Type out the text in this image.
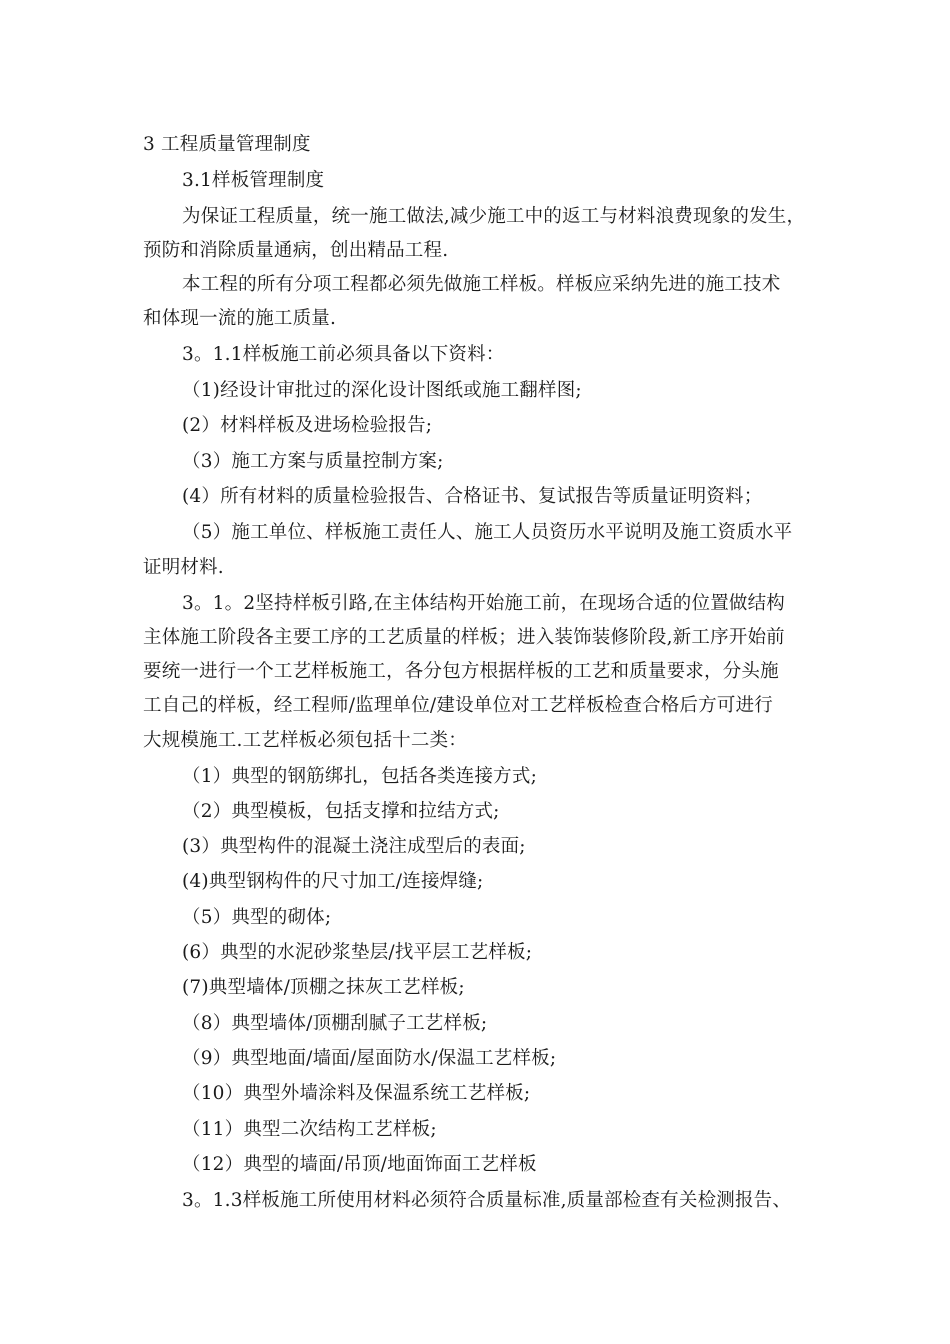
3 工程质量管理制度
3.1样板管理制度
为保证工程质量，统一施工做法,减少施工中的返工与材料浪费现象的发生，
预防和消除质量通病，创出精品工程.
本工程的所有分项工程都必须先做施工样板。样板应采纳先进的施工技术
和体现一流的施工质量.
3。1.1样板施工前必须具备以下资料：
（1)经设计审批过的深化设计图纸或施工翻样图;
(2）材料样板及进场检验报告;
（3）施工方案与质量控制方案;
(4）所有材料的质量检验报告、合格证书、复试报告等质量证明资料；
（5）施工单位、样板施工责任人、施工人员资历水平说明及施工资质水平
证明材料.
3。1。2坚持样板引路,在主体结构开始施工前，在现场合适的位置做结构
主体施工阶段各主要工序的工艺质量的样板；进入装饰装修阶段,新工序开始前
要统一进行一个工艺样板施工，各分包方根据样板的工艺和质量要求，分头施
工自己的样板，经工程师/监理单位/建设单位对工艺样板检查合格后方可进行
大规模施工.工艺样板必须包括十二类：
（1）典型的钢筋绑扎，包括各类连接方式;
（2）典型模板，包括支撑和拉结方式;
(3）典型构件的混凝土浇注成型后的表面;
(4)典型钢构件的尺寸加工/连接焊缝;
（5）典型的砌体;
(6）典型的水泥砂浆垫层/找平层工艺样板;
(7)典型墙体/顶棚之抹灰工艺样板;
（8）典型墙体/顶棚刮腻子工艺样板;
（9）典型地面/墙面/屋面防水/保温工艺样板;
（10）典型外墙涂料及保温系统工艺样板;
（11）典型二次结构工艺样板;
（12）典型的墙面/吊顶/地面饰面工艺样板
3。1.3样板施工所使用材料必须符合质量标准,质量部检查有关检测报告、
